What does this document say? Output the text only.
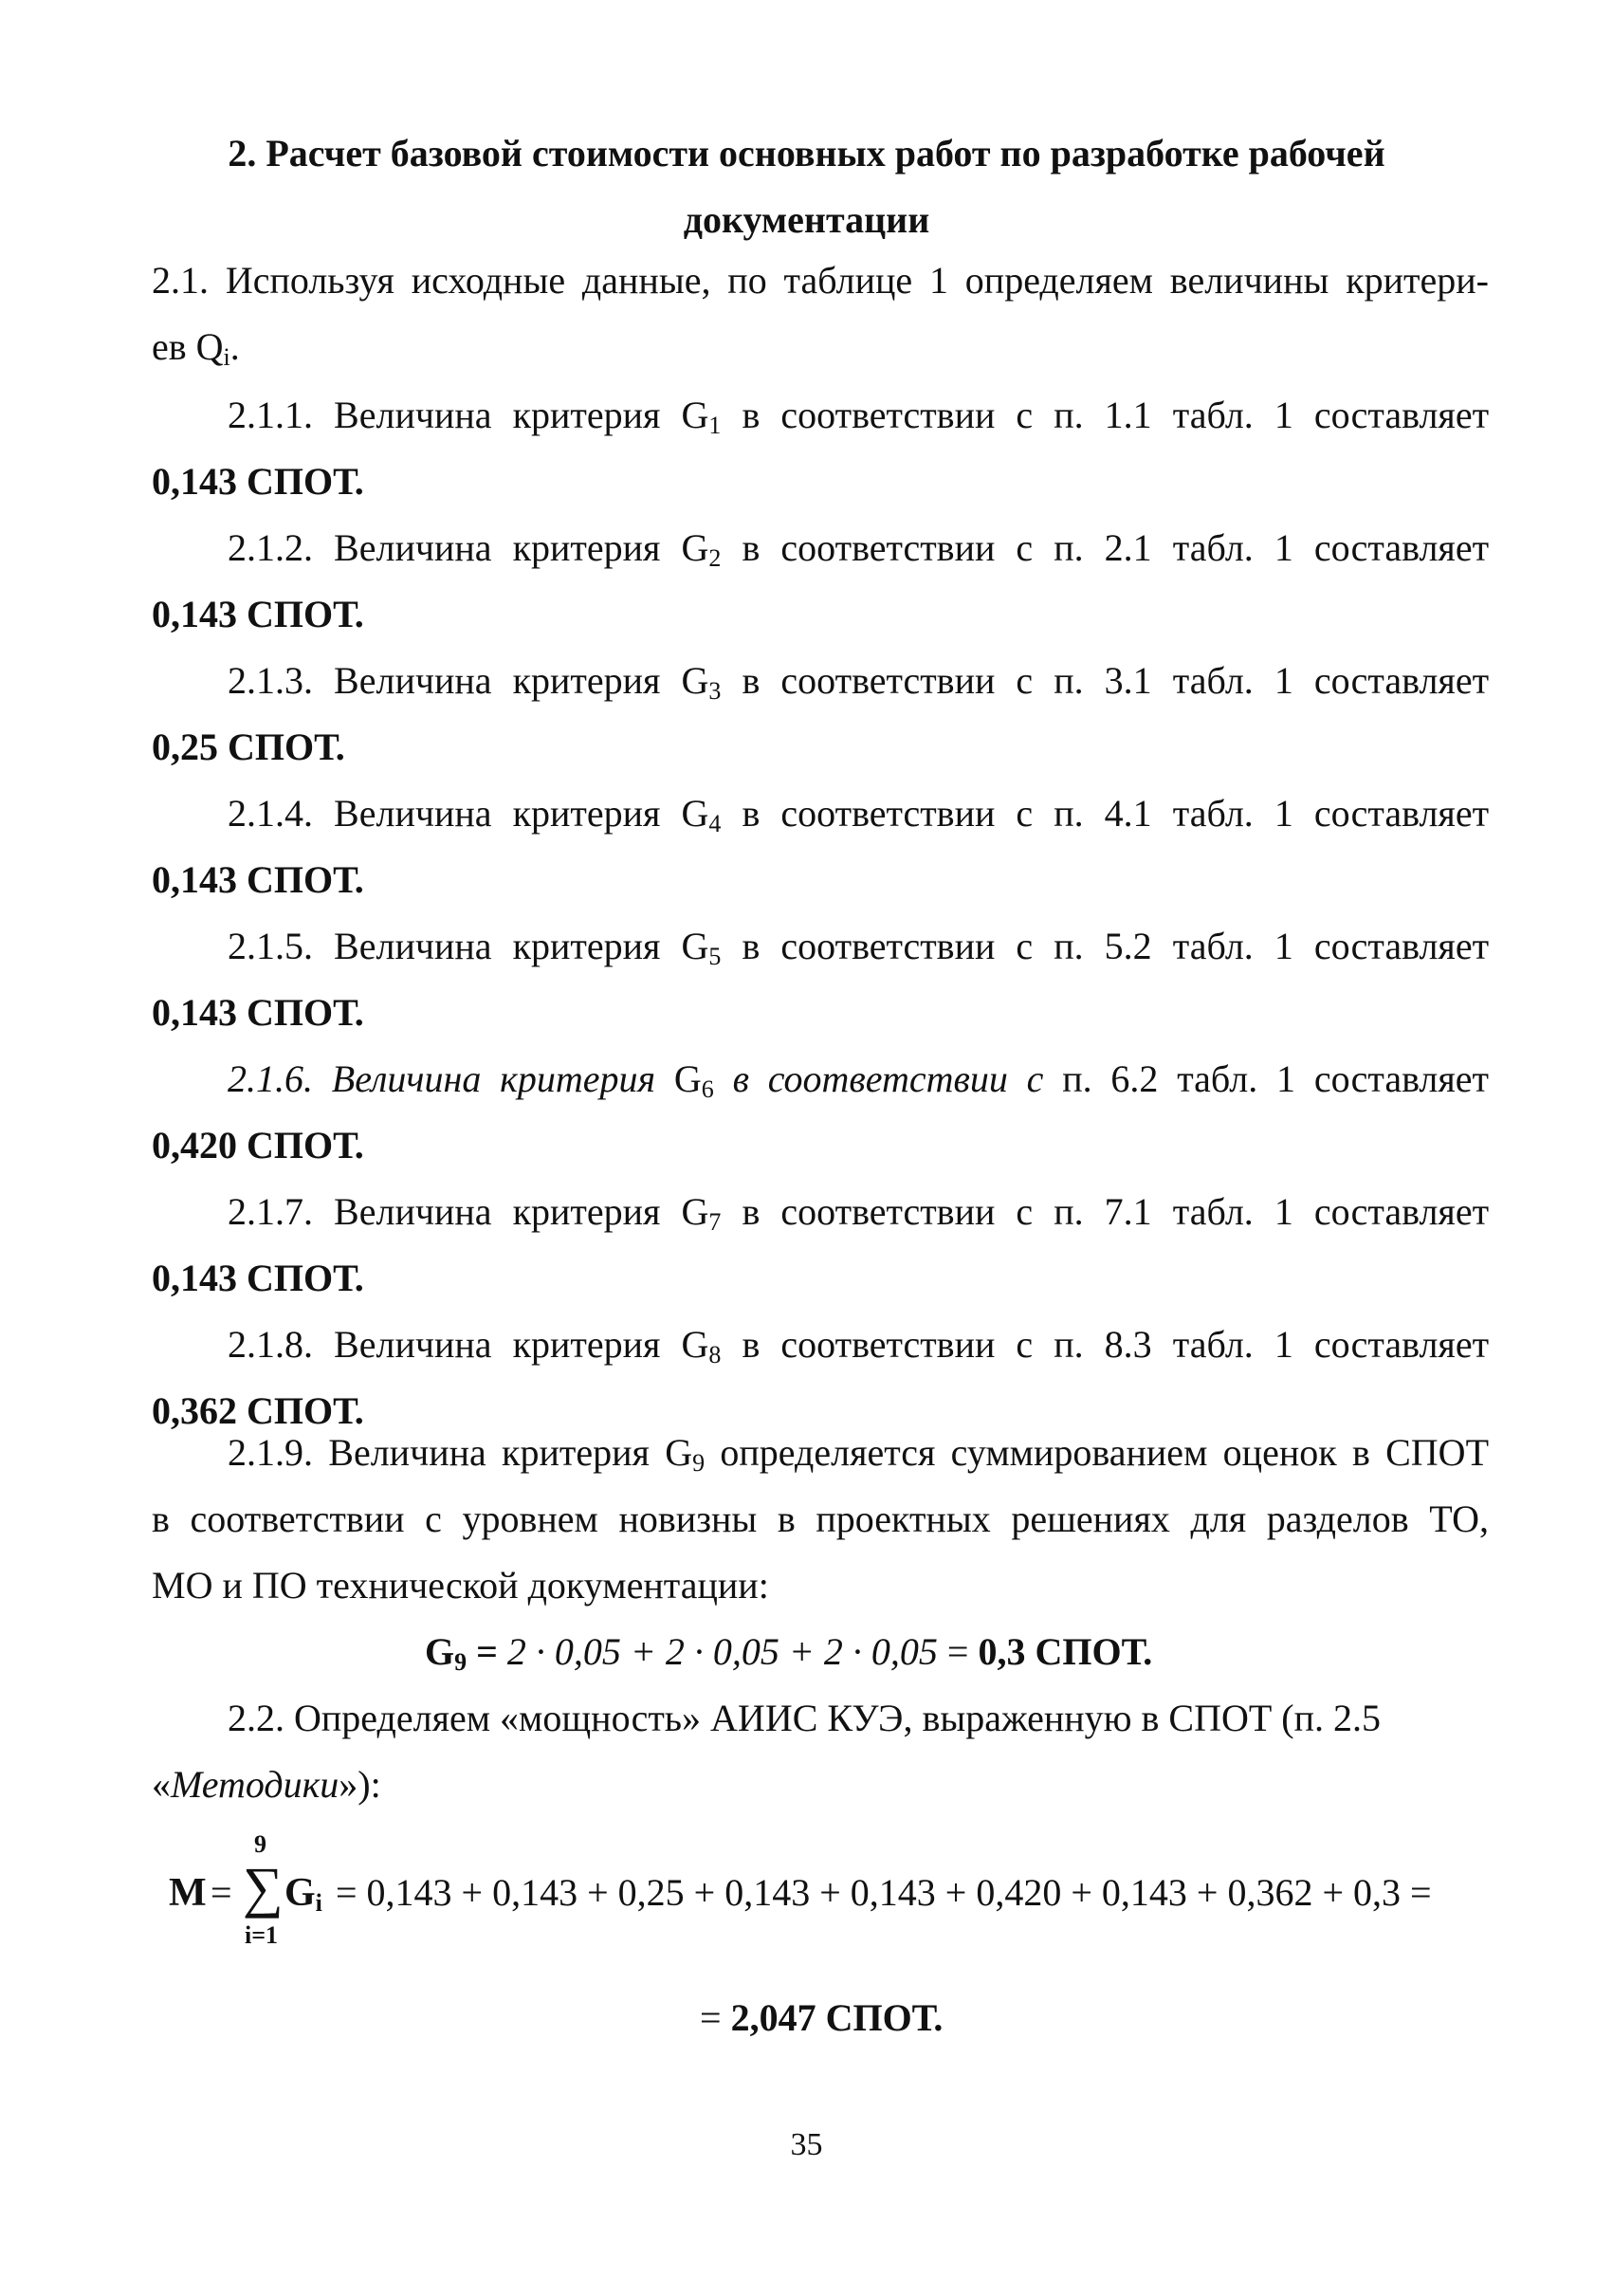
2. Расчет базовой стоимости основных работ по разработке рабочей
документации
2.1. Используя исходные данные, по таблице 1 определяем величины критери-
ев $Q_i$.
2.1.1. Величина критерия $G_1$ в соответствии с п. 1.1 табл. 1 составляет
0,143 СПОТ.
2.1.2. Величина критерия $G_2$ в соответствии с п. 2.1 табл. 1 составляет
0,143 СПОТ.
2.1.3. Величина критерия $G_3$ в соответствии с п. 3.1 табл. 1 составляет
0,25 СПОТ.
2.1.4. Величина критерия $G_4$ в соответствии с п. 4.1 табл. 1 составляет
0,143 СПОТ.
2.1.5. Величина критерия $G_5$ в соответствии с п. 5.2 табл. 1 составляет
0,143 СПОТ.
2.1.6. Величина критерия $G_6$ в соответствии с п. 6.2 табл. 1 составляет
0,420 СПОТ.
2.1.7. Величина критерия $G_7$ в соответствии с п. 7.1 табл. 1 составляет
0,143 СПОТ.
2.1.8. Величина критерия $G_8$ в соответствии с п. 8.3 табл. 1 составляет
0,362 СПОТ.
2.1.9. Величина критерия $G_9$ определяется суммированием оценок в СПОТ
в соответствии с уровнем новизны в проектных решениях для разделов ТО,
МО и ПО технической документации:
$G_9 = 2 \cdot 0,05 + 2 \cdot 0,05 + 2 \cdot 0,05 = 0,3$ СПОТ.
2.2. Определяем «мощность» АИИС КУЭ, выраженную в СПОТ (п. 2.5
«Методики»):
M =
9
∑
i=1
$G_i = 0,143 + 0,143 + 0,25 + 0,143 + 0,143 + 0,420 + 0,143 + 0,362 + 0,3$ =
= 2,047 СПОТ.
35
